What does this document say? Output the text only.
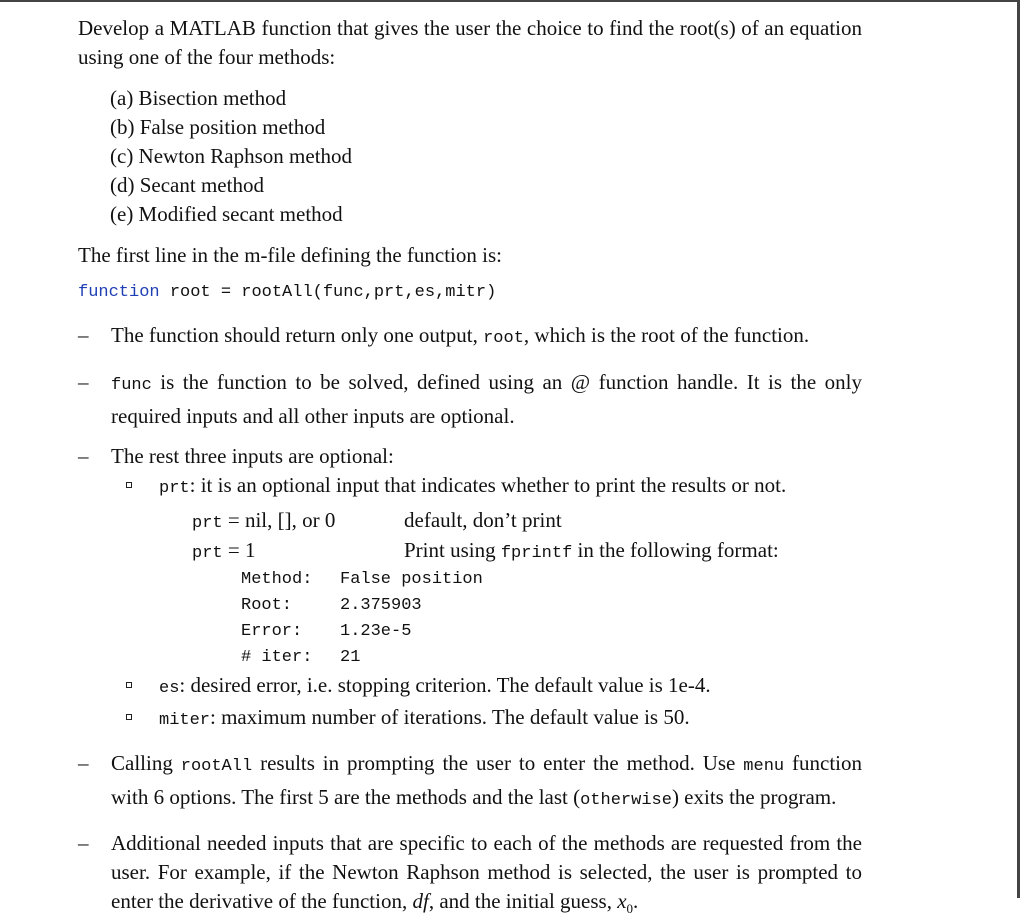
Develop a MATLAB function that gives the user the choice to find the root(s) of an equation using one of the four methods:

(a) Bisection method
(b) False position method
(c) Newton Raphson method
(d) Secant method
(e) Modified secant method

The first line in the m-file defining the function is:

function root = rootAll(func,prt,es,mitr)
– The function should return only one output, root, which is the root of the function.
– func is the function to be solved, defined using an @ function handle. It is the only required inputs and all other inputs are optional.
– The rest three inputs are optional:
prt: it is an optional input that indicates whether to print the results or not.
prt = nil, [], or 0	default, don’t print
prt = 1	Print using fprintf in the following format:
Method: False position
Root:	2.375903
Error: 1.23e-5
# iter: 21
es: desired error, i.e. stopping criterion. The default value is 1e-4.
miter: maximum number of iterations. The default value is 50.
– Calling rootAll results in prompting the user to enter the method. Use menu function with 6 options. The first 5 are the methods and the last (otherwise) exits the program.
– Additional needed inputs that are specific to each of the methods are requested from the user. For example, if the Newton Raphson method is selected, the user is prompted to enter the derivative of the function, df, and the initial guess, $x_0$.
